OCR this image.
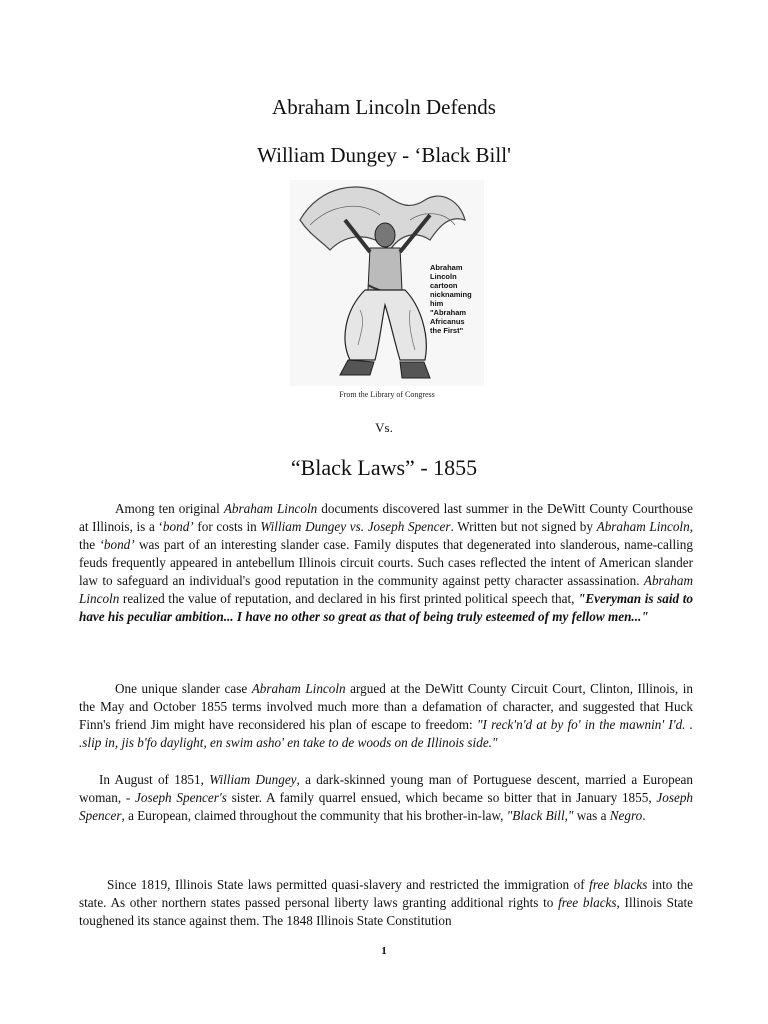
Abraham Lincoln Defends
William Dungey - ‘Black Bill'
Abraham
Lincoln
cartoon
nicknaming
him
"Abraham
Africanus
the First"
From the Library of Congress
Vs.
“Black Laws” - 1855
Among ten original Abraham Lincoln documents discovered last summer in the DeWitt County Courthouse at Illinois, is a ‘bond’ for costs in William Dungey vs. Joseph Spencer. Written but not signed by Abraham Lincoln, the ‘bond’ was part of an interesting slander case. Family disputes that degenerated into slanderous, name-calling feuds frequently appeared in antebellum Illinois circuit courts. Such cases reflected the intent of American slander law to safeguard an individual's good reputation in the community against petty character assassination. Abraham Lincoln realized the value of reputation, and declared in his first printed political speech that, "Everyman is said to have his peculiar ambition... I have no other so great as that of being truly esteemed of my fellow men..."
One unique slander case Abraham Lincoln argued at the DeWitt County Circuit Court, Clinton, Illinois, in the May and October 1855 terms involved much more than a defamation of character, and suggested that Huck Finn's friend Jim might have reconsidered his plan of escape to freedom: "I reck'n'd at by fo' in the mawnin' I'd. . .slip in, jis b'fo daylight, en swim asho' en take to de woods on de Illinois side."
In August of 1851, William Dungey, a dark-skinned young man of Portuguese descent, married a European woman, - Joseph Spencer's sister. A family quarrel ensued, which became so bitter that in January 1855, Joseph Spencer, a European, claimed throughout the community that his brother-in-law, "Black Bill," was a Negro.
Since 1819, Illinois State laws permitted quasi-slavery and restricted the immigration of free blacks into the state. As other northern states passed personal liberty laws granting additional rights to free blacks, Illinois State toughened its stance against them. The 1848 Illinois State Constitution
1
